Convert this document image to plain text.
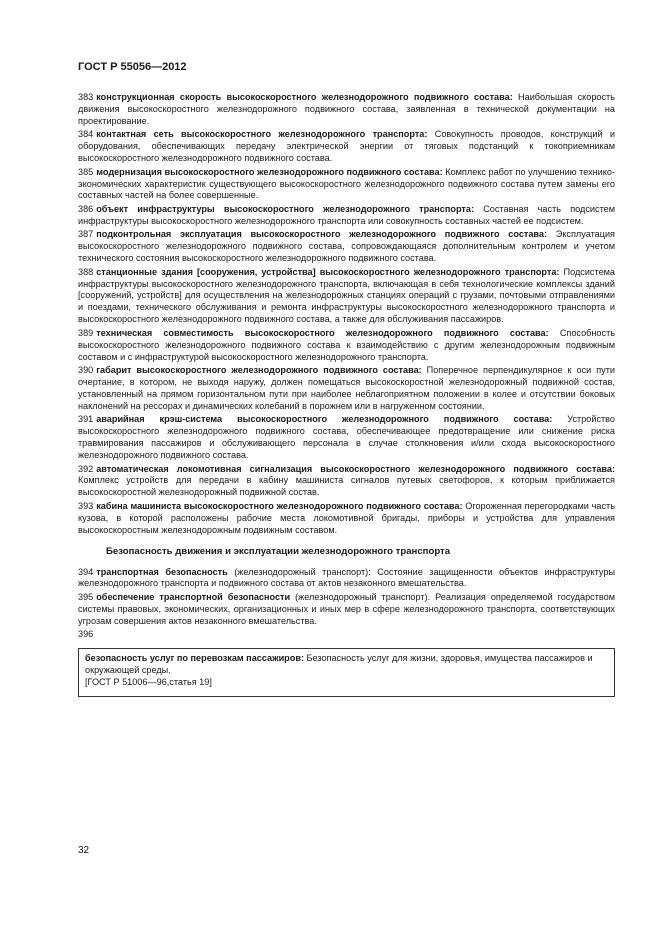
ГОСТ Р 55056—2012
383 конструкционная скорость высокоскоростного железнодорожного подвижного состава: Наибольшая скорость движения высокоскоростного железнодорожного подвижного состава, заявленная в технической документации на проектирование.
384 контактная сеть высокоскоростного железнодорожного транспорта: Совокупность проводов, конструкций и оборудования, обеспечивающих передачу электрической энергии от тяговых подстанций к токоприемникам высокоскоростного железнодорожного подвижного состава.
385 модернизация высокоскоростного железнодорожного подвижного состава: Комплекс работ по улучшению технико-экономических характеристик существующего высокоскоростного железнодорожного подвижного состава путем замены его составных частей на более совершенные.
386 объект инфраструктуры высокоскоростного железнодорожного транспорта: Составная часть подсистем инфраструктуры высокоскоростного железнодорожного транспорта или совокупность составных частей ее подсистем.
387 подконтрольная эксплуатация высокоскоростного железнодорожного подвижного состава: Эксплуатация высокоскоростного железнодорожного подвижного состава, сопровождающаяся дополнительным контролем и учетом технического состояния высокоскоростного железнодорожного подвижного состава.
388 станционные здания [сооружения, устройства] высокоскоростного железнодорожного транспорта: Подсистема инфраструктуры высокоскоростного железнодорожного транспорта, включающая в себя технологические комплексы зданий [сооружений, устройств] для осуществления на железнодорожных станциях операций с грузами, почтовыми отправлениями и поездами, технического обслуживания и ремонта инфраструктуры высокоскоростного железнодорожного транспорта и высокоскоростного железнодорожного подвижного состава, а также для обслуживания пассажиров.
389 техническая совместимость высокоскоростного железнодорожного подвижного состава: Способность высокоскоростного железнодорожного подвижного состава к взаимодействию с другим железнодорожным подвижным составом и с инфраструктурой высокоскоростного железнодорожного транспорта.
390 габарит высокоскоростного железнодорожного подвижного состава: Поперечное перпендикулярное к оси пути очертание, в котором, не выходя наружу, должен помещаться высокоскоростной железнодорожный подвижной состав, установленный на прямом горизонтальном пути при наиболее неблагоприятном положении в колее и отсутствии боковых наклонений на рессорах и динамических колебаний в порожнем или в нагруженном состоянии.
391 аварийная крэш-система высокоскоростного железнодорожного подвижного состава: Устройство высокоскоростного железнодорожного подвижного состава, обеспечивающее предотвращение или снижение риска травмирования пассажиров и обслуживающего персонала в случае столкновения и/или схода высокоскоростного железнодорожного подвижного состава.
392 автоматическая локомотивная сигнализация высокоскоростного железнодорожного подвижного состава: Комплекс устройств для передачи в кабину машиниста сигналов путевых светофоров, к которым приближается высокоскоростной железнодорожный подвижной состав.
393 кабина машиниста высокоскоростного железнодорожного подвижного состава: Огороженная перегородками часть кузова, в которой расположены рабочие места локомотивной бригады, приборы и устройства для управления высокоскоростным железнодорожным подвижным составом.
Безопасность движения и эксплуатации железнодорожного транспорта
394 транспортная безопасность (железнодорожный транспорт): Состояние защищенности объектов инфраструктуры железнодорожного транспорта и подвижного состава от актов незаконного вмешательства.
395 обеспечение транспортной безопасности (железнодорожный транспорт). Реализация определяемой государством системы правовых, экономических, организационных и иных мер в сфере железнодорожного транспорта, соответствующих угрозам совершения актов незаконного вмешательства.
396
безопасность услуг по перевозкам пассажиров: Безопасность услуг для жизни, здоровья, имущества пассажиров и окружающей среды.
[ГОСТ Р 51006—96,статья 19]
32
